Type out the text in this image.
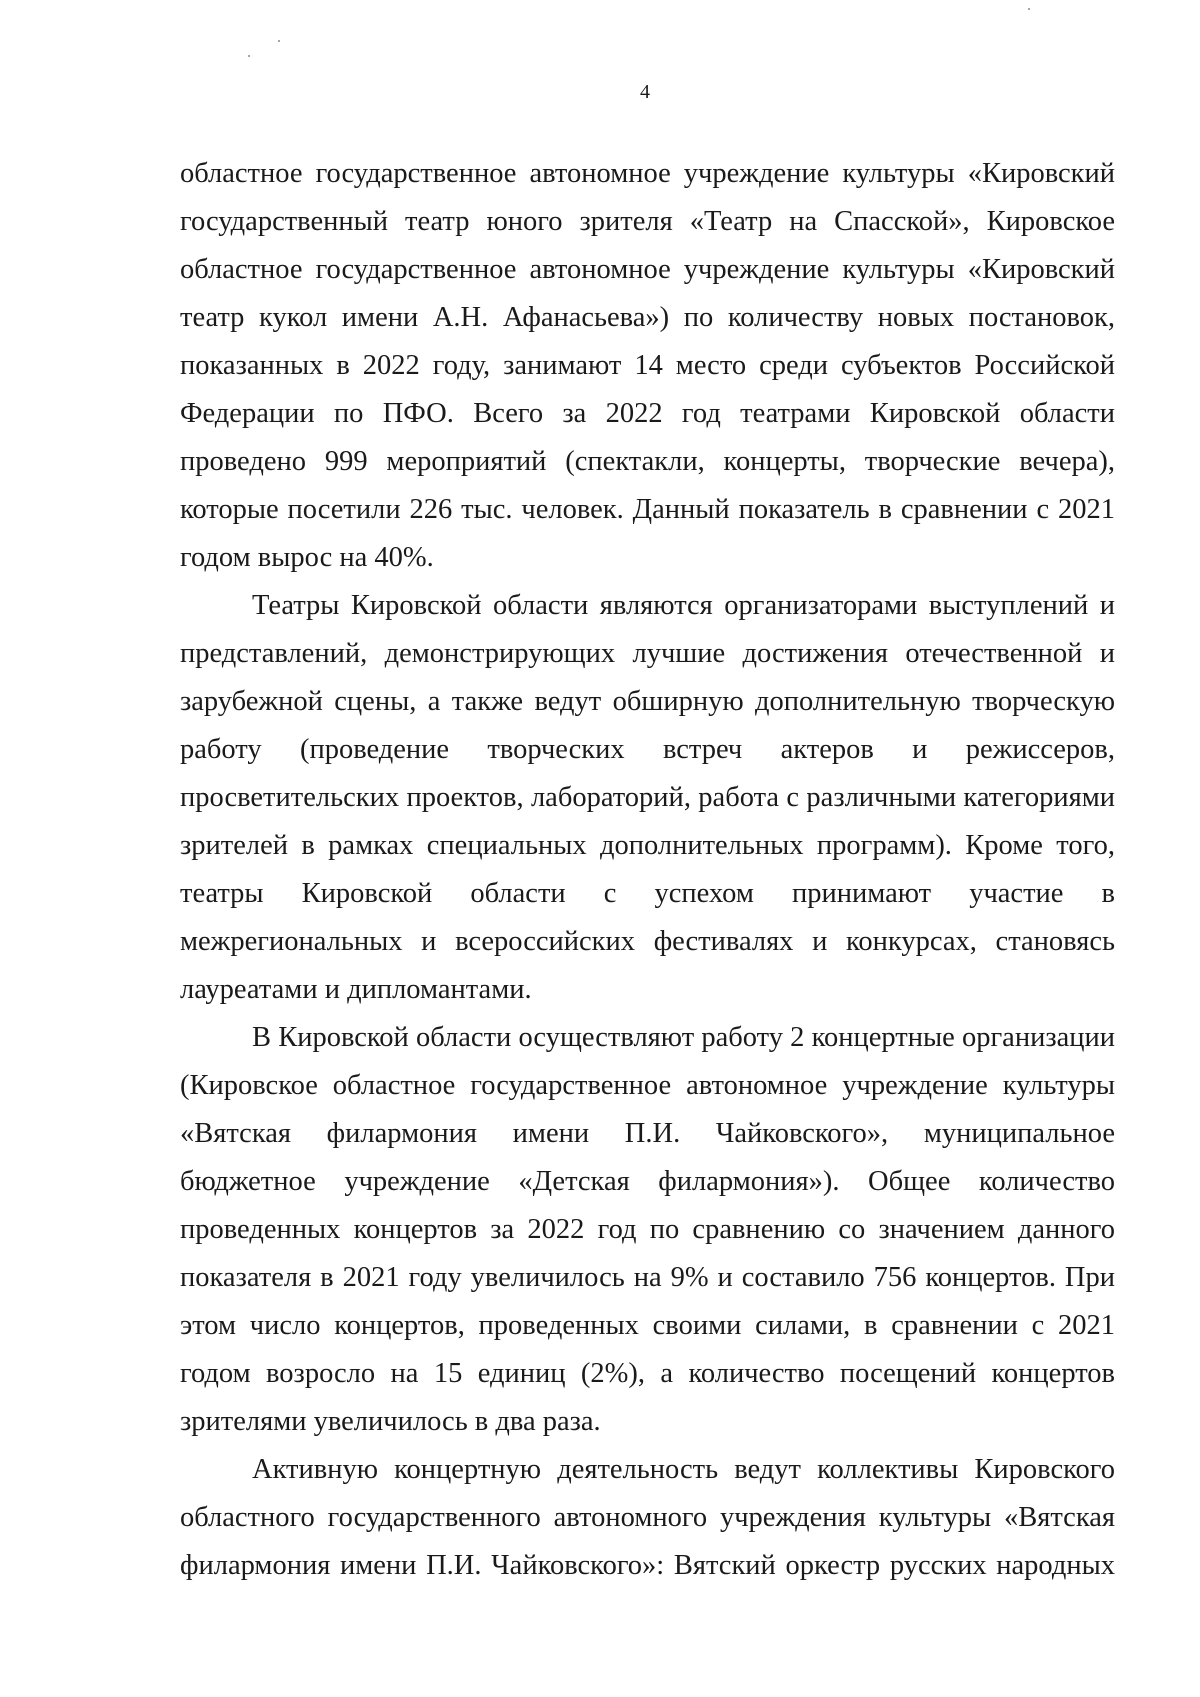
4

областное государственное автономное учреждение культуры «Кировский государственный театр юного зрителя «Театр на Спасской», Кировское областное государственное автономное учреждение культуры «Кировский театр кукол имени А.Н. Афанасьева») по количеству новых постановок, показанных в 2022 году, занимают 14 место среди субъектов Российской Федерации по ПФО. Всего за 2022 год театрами Кировской области проведено 999 мероприятий (спектакли, концерты, творческие вечера), которые посетили 226 тыс. человек. Данный показатель в сравнении с 2021 годом вырос на 40%.

Театры Кировской области являются организаторами выступлений и представлений, демонстрирующих лучшие достижения отечественной и зарубежной сцены, а также ведут обширную дополнительную творческую работу (проведение творческих встреч актеров и режиссеров, просветительских проектов, лабораторий, работа с различными категориями зрителей в рамках специальных дополнительных программ). Кроме того, театры Кировской области с успехом принимают участие в межрегиональных и всероссийских фестивалях и конкурсах, становясь лауреатами и дипломантами.

В Кировской области осуществляют работу 2 концертные организации (Кировское областное государственное автономное учреждение культуры «Вятская филармония имени П.И. Чайковского», муниципальное бюджетное учреждение «Детская филармония»). Общее количество проведенных концертов за 2022 год по сравнению со значением данного показателя в 2021 году увеличилось на 9% и составило 756 концертов. При этом число концертов, проведенных своими силами, в сравнении с 2021 годом возросло на 15 единиц (2%), а количество посещений концертов зрителями увеличилось в два раза.

Активную концертную деятельность ведут коллективы Кировского областного государственного автономного учреждения культуры «Вятская филармония имени П.И. Чайковского»: Вятский оркестр русских народных
